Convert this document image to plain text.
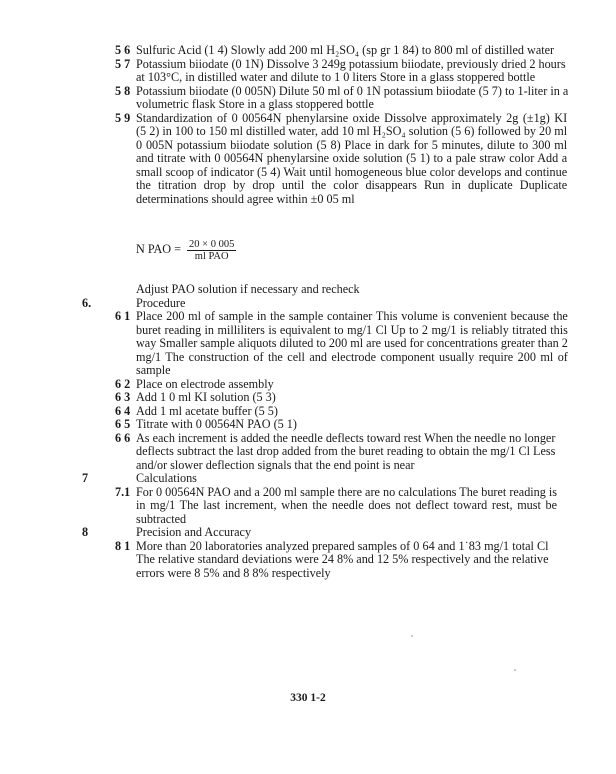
5 6 Sulfuric Acid (1 4) Slowly add 200 ml H₂SO₄ (sp gr 1 84) to 800 ml of distilled water
5 7 Potassium biiodate (0 1N) Dissolve 3 249g potassium biiodate, previously dried 2 hours
at 103°C, in distilled water and dilute to 1 0 liters Store in a glass stoppered bottle
5 8 Potassium biiodate (0 005N) Dilute 50 ml of 0 1N potassium biiodate (5 7) to 1-liter in a
volumetric flask Store in a glass stoppered bottle
5 9 Standardization of 0 00564N phenylarsine oxide Dissolve approximately 2g (±1g) KI
(5 2) in 100 to 150 ml distilled water, add 10 ml H₂SO₄ solution (5 6) followed by 20 ml
0 005N potassium biiodate solution (5 8) Place in dark for 5 minutes, dilute to 300 ml
and titrate with 0 00564N phenylarsine oxide solution (5 1) to a pale straw color Add a
small scoop of indicator (5 4) Wait until homogeneous blue color develops and continue
the titration drop by drop until the color disappears Run in duplicate Duplicate
determinations should agree within ±0 05 ml
N PAO = $\frac{20 \times 0 005}{\text{ml PAO}}$
Adjust PAO solution if necessary and recheck
6.	Procedure
6 1 Place 200 ml of sample in the sample container This volume is convenient because the
buret reading in milliliters is equivalent to mg/1 Cl Up to 2 mg/1 is reliably titrated this
way Smaller sample aliquots diluted to 200 ml are used for concentrations greater than 2
mg/1 The construction of the cell and electrode component usually require 200 ml of
sample
6 2 Place on electrode assembly
6 3 Add 1 0 ml KI solution (5 3)
6 4 Add 1 ml acetate buffer (5 5)
6 5 Titrate with 0 00564N PAO (5 1)
6 6 As each increment is added the needle deflects toward rest When the needle no longer
deflects subtract the last drop added from the buret reading to obtain the mg/1 Cl Less
and/or slower deflection signals that the end point is near
7	Calculations
7.1 For 0 00564N PAO and a 200 ml sample there are no calculations The buret reading is
in mg/1 The last increment, when the needle does not deflect toward rest, must be
subtracted
8	Precision and Accuracy
8 1 More than 20 laboratories analyzed prepared samples of 0 64 and 1˙83 mg/1 total Cl
The relative standard deviations were 24 8% and 12 5% respectively and the relative
errors were 8 5% and 8 8% respectively
330 1-2
